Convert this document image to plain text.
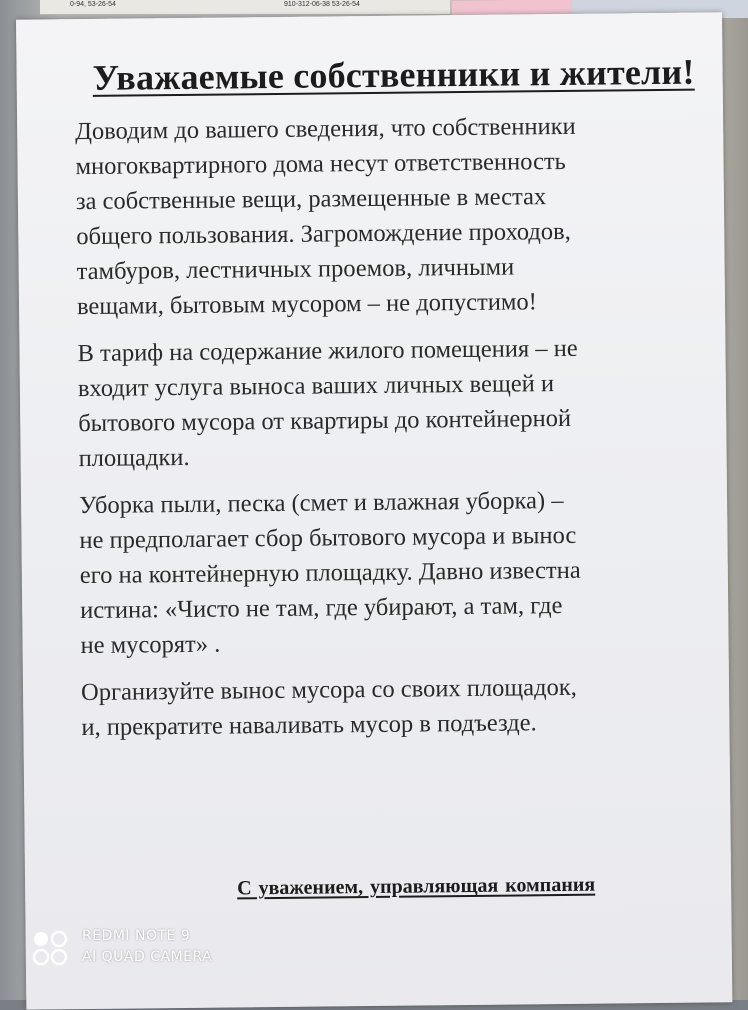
0-94, 53-26-54	910-312-06-38 53-26-54
Уважаемые собственники и жители!

Доводим до вашего сведения, что собственники
многоквартирного дома несут ответственность
за собственные вещи, размещенные в местах
общего пользования. Загромождение проходов,
тамбуров, лестничных проемов, личными
вещами, бытовым мусором – не допустимо!

В тариф на содержание жилого помещения – не
входит услуга выноса ваших личных вещей и
бытового мусора от квартиры до контейнерной
площадки.

Уборка пыли, песка (смет и влажная уборка) –
не предполагает сбор бытового мусора и вынос
его на контейнерную площадку. Давно известна
истина: «Чисто не там, где убирают, а там, где
не мусорят» .

Организуйте вынос мусора со своих площадок,
и, прекратите наваливать мусор в подъезде.

С уважением, управляющая компания
REDMI NOTE 9
AI QUAD CAMERA
